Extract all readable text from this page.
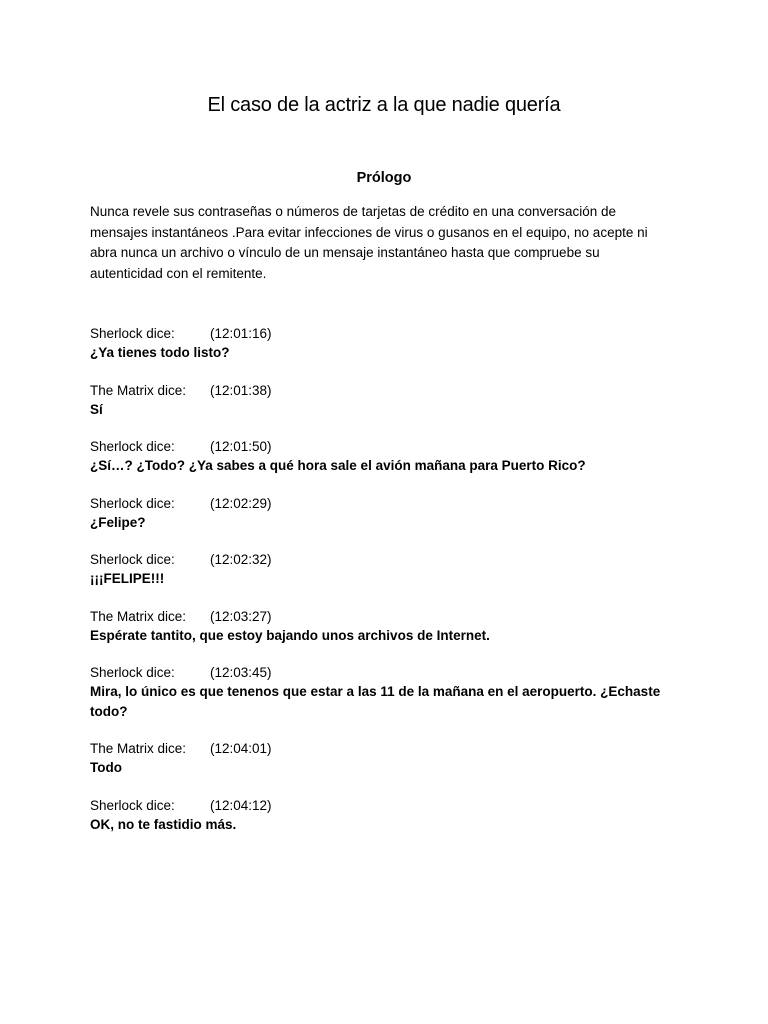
El caso de la actriz a la que nadie quería
Prólogo

Nunca revele sus contraseñas o números de tarjetas de crédito en una conversación de mensajes instantáneos .Para evitar infecciones de virus o gusanos en el equipo, no acepte ni abra nunca un archivo o vínculo de un mensaje instantáneo hasta que compruebe su autenticidad con el remitente.

Sherlock dice:	(12:01:16)
¿Ya tienes todo listo?
The Matrix dice: (12:01:38)
Sí
Sherlock dice:	(12:01:50)
¿Sí…? ¿Todo? ¿Ya sabes a qué hora sale el avión mañana para Puerto Rico?
Sherlock dice:	(12:02:29)
¿Felipe?
Sherlock dice:	(12:02:32)
¡¡¡FELIPE!!!
The Matrix dice: (12:03:27)
Espérate tantito, que estoy bajando unos archivos de Internet.
Sherlock dice:	(12:03:45)
Mira, lo único es que tenenos que estar a las 11 de la mañana en el aeropuerto. ¿Echaste todo?
The Matrix dice: (12:04:01)
Todo
Sherlock dice:	(12:04:12)
OK, no te fastidio más.
